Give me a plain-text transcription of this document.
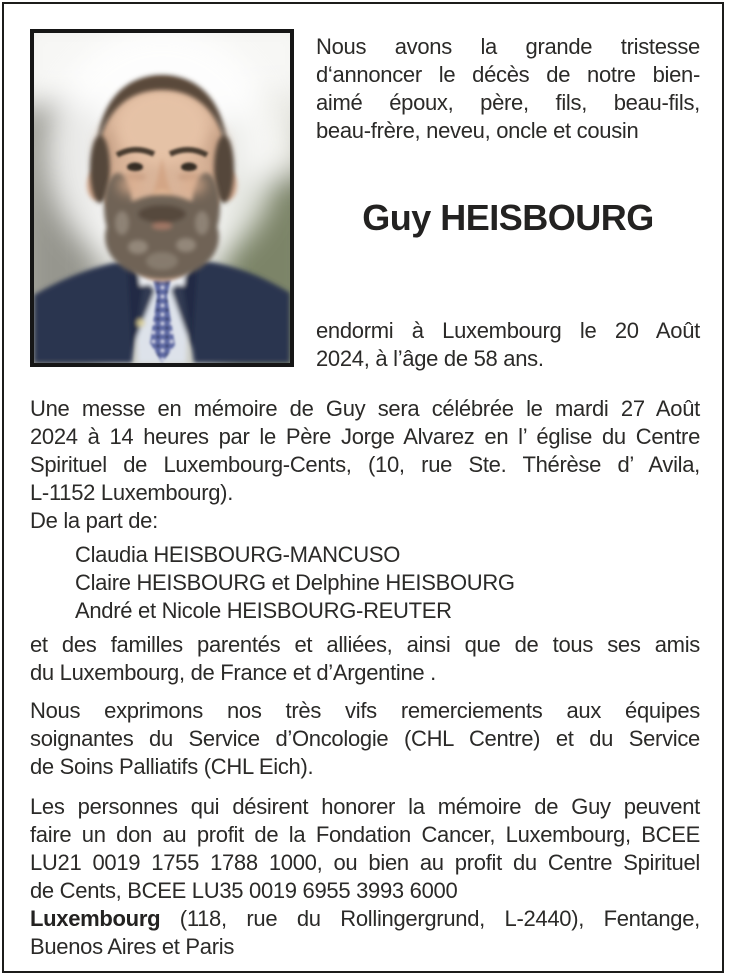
Nous avons la grande tristesse
d‘annoncer le décès de notre bien-
aimé époux, père, fils, beau-fils,
beau-frère, neveu, oncle et cousin
Guy HEISBOURG
endormi à Luxembourg le 20 Août
2024, à l’âge de 58 ans.
Une messe en mémoire de Guy sera célébrée le mardi 27 Août
2024 à 14 heures par le Père Jorge Alvarez en l’ église du Centre
Spirituel de Luxembourg-Cents, (10, rue Ste. Thérèse d’ Avila,
L-1152 Luxembourg).
De la part de:
Claudia HEISBOURG-MANCUSO
Claire HEISBOURG et Delphine HEISBOURG
André et Nicole HEISBOURG-REUTER
et des familles parentés et alliées, ainsi que de tous ses amis
du Luxembourg, de France et d’Argentine .
Nous exprimons nos très vifs remerciements aux équipes
soignantes du Service d’Oncologie (CHL Centre) et du Service
de Soins Palliatifs (CHL Eich).
Les personnes qui désirent honorer la mémoire de Guy peuvent
faire un don au profit de la Fondation Cancer, Luxembourg, BCEE
LU21 0019 1755 1788 1000, ou bien au profit du Centre Spirituel
de Cents, BCEE LU35 0019 6955 3993 6000
Luxembourg (118, rue du Rollingergrund, L-2440), Fentange,
Buenos Aires et Paris
